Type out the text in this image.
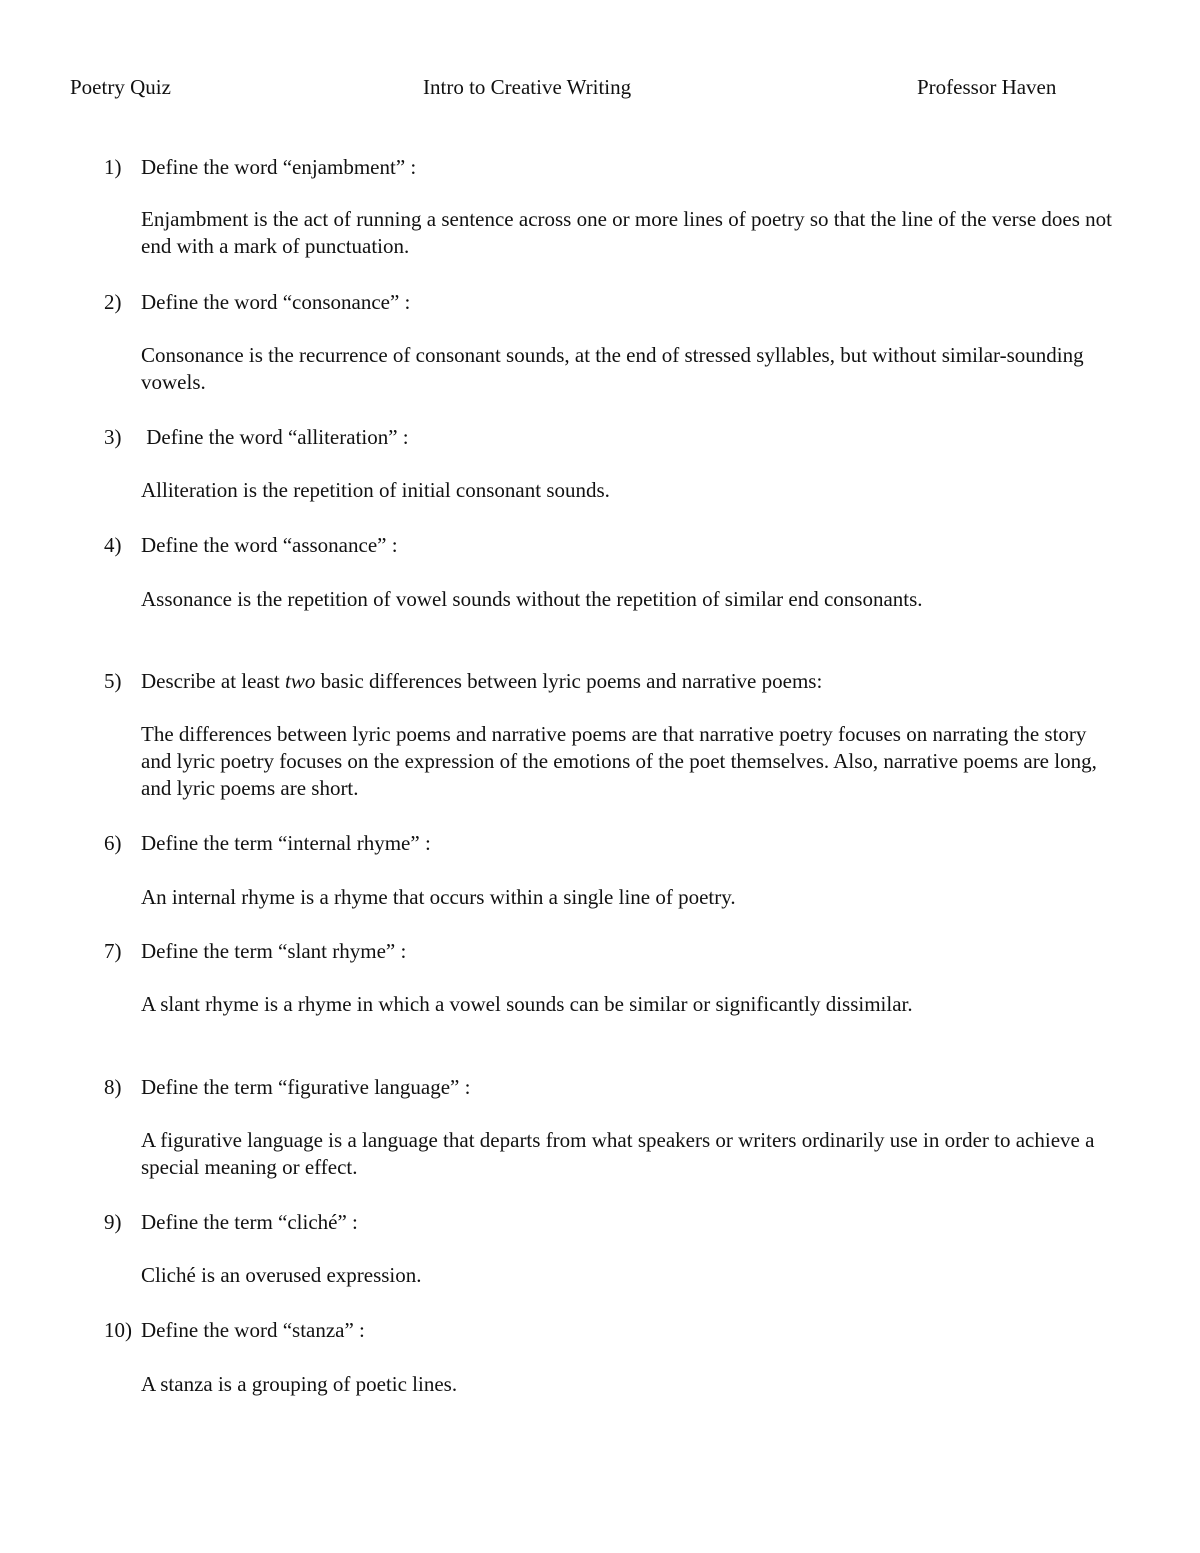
Poetry Quiz	Intro to Creative Writing	Professor Haven
1) Define the word “enjambment” :
Enjambment is the act of running a sentence across one or more lines of poetry so that the line of the verse does not end with a mark of punctuation.
2) Define the word “consonance” :
Consonance is the recurrence of consonant sounds, at the end of stressed syllables, but without similar-sounding vowels.
3) Define the word “alliteration” :
Alliteration is the repetition of initial consonant sounds.
4) Define the word “assonance” :
Assonance is the repetition of vowel sounds without the repetition of similar end consonants.
5) Describe at least two basic differences between lyric poems and narrative poems:
The differences between lyric poems and narrative poems are that narrative poetry focuses on narrating the story and lyric poetry focuses on the expression of the emotions of the poet themselves. Also, narrative poems are long, and lyric poems are short.
6) Define the term “internal rhyme” :
An internal rhyme is a rhyme that occurs within a single line of poetry.
7) Define the term “slant rhyme” :
A slant rhyme is a rhyme in which a vowel sounds can be similar or significantly dissimilar.
8) Define the term “figurative language” :
A figurative language is a language that departs from what speakers or writers ordinarily use in order to achieve a special meaning or effect.
9) Define the term “cliché” :
Cliché is an overused expression.
10) Define the word “stanza” :
A stanza is a grouping of poetic lines.
